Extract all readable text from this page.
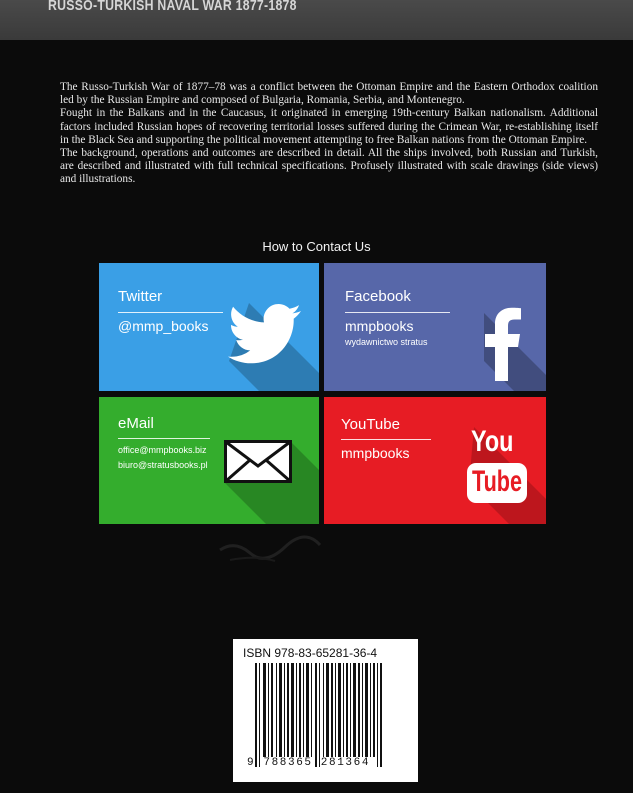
RUSSO-TURKISH NAVAL WAR 1877-1878

The Russo-Turkish War of 1877–78 was a conflict between the Ottoman Empire and the Eastern Orthodox coalition led by the Russian Empire and composed of Bulgaria, Romania, Serbia, and Montenegro.

Fought in the Balkans and in the Caucasus, it originated in emerging 19th-century Balkan nationalism. Additional factors included Russian hopes of recovering territorial losses suffered during the Crimean War, re-establishing itself in the Black Sea and supporting the political movement attempting to free Balkan nations from the Ottoman Empire.

The background, operations and outcomes are described in detail. All the ships involved, both Russian and Turkish, are described and illustrated with full technical specifications. Profusely illustrated with scale drawings (side views) and illustrations.

How to Contact Us
Twitter
@mmp_books
Facebook
mmpbooks
wydawnictwo stratus
eMail
office@mmpbooks.biz
biuro@stratusbooks.pl
YouTube
mmpbooks You
Tube
ISBN 978-83-65281-36-4
9 788365 281364
